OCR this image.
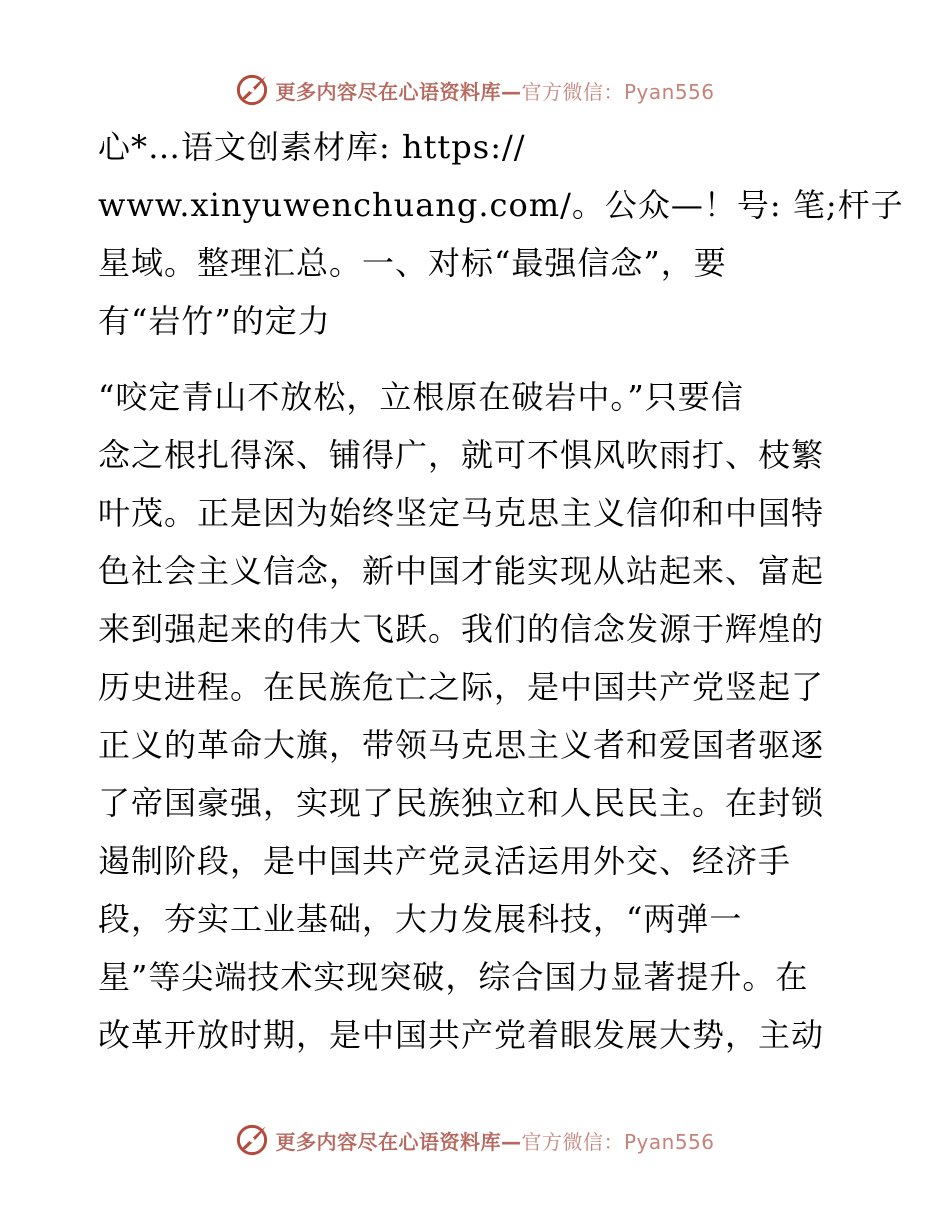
更多内容尽在心语资料库—官方微信：Pyan556

心*…语文创素材库: https://
www.xinyuwenchuang.com/。公众—！号: 笔;杆子
星域。整理汇总。一、对标“最强信念”，要
有“岩竹”的定力

“咬定青山不放松，立根原在破岩中。”只要信
念之根扎得深、铺得广，就可不惧风吹雨打、枝繁
叶茂。正是因为始终坚定马克思主义信仰和中国特
色社会主义信念，新中国才能实现从站起来、富起
来到强起来的伟大飞跃。我们的信念发源于辉煌的
历史进程。在民族危亡之际，是中国共产党竖起了
正义的革命大旗，带领马克思主义者和爱国者驱逐
了帝国豪强，实现了民族独立和人民民主。在封锁
遏制阶段，是中国共产党灵活运用外交、经济手
段，夯实工业基础，大力发展科技，“两弹一
星”等尖端技术实现突破，综合国力显著提升。在
改革开放时期，是中国共产党着眼发展大势，主动

更多内容尽在心语资料库—官方微信：Pyan556
